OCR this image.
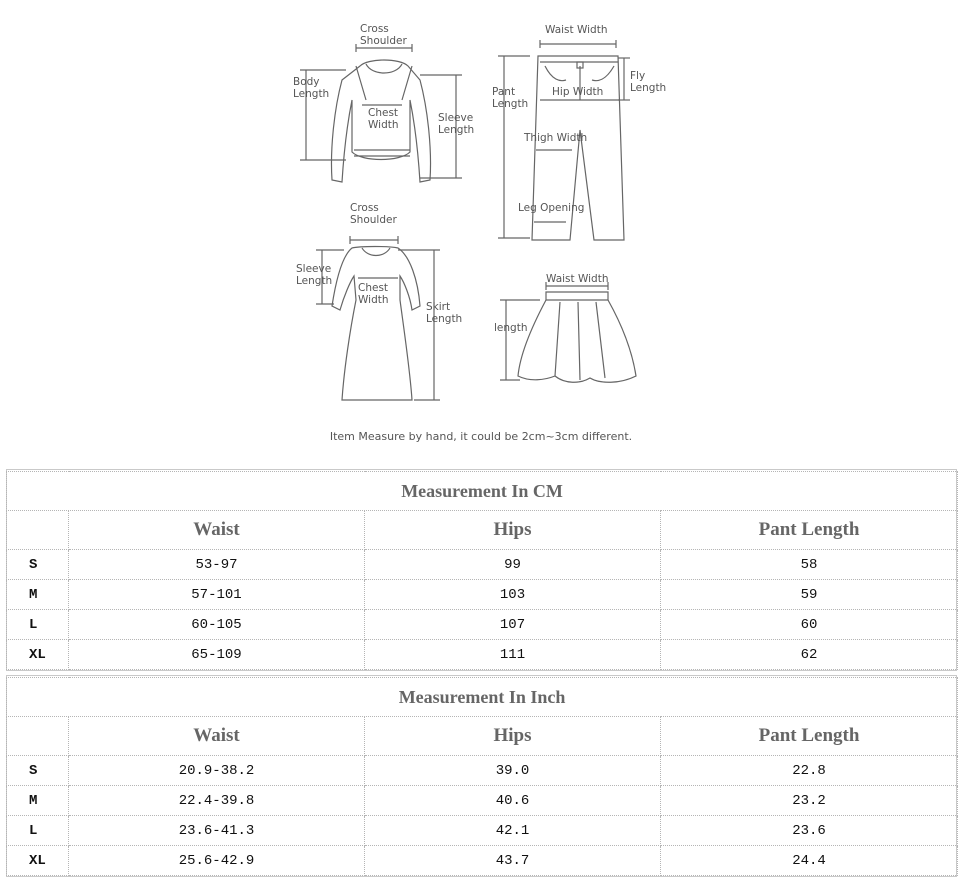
Cross
Shoulder
Body
Length
Chest
Width
Sleeve
Length
Waist Width
Pant
Length
Fly
Length
Hip Width
Thigh Width
Leg Opening
Cross
Shoulder
Sleeve
Length
Chest
Width
Skirt
Length
Waist Width
length
Item Measure by hand, it could be 2cm~3cm different.
Measurement In CM			
	Waist	Hips	Pant Length
S	53-97	99	58
M	57-101	103	59
L	60-105	107	60
XL	65-109	111	62
Measurement In Inch			
	Waist	Hips	Pant Length
S	20.9-38.2	39.0	22.8
M	22.4-39.8	40.6	23.2
L	23.6-41.3	42.1	23.6
XL	25.6-42.9	43.7	24.4
